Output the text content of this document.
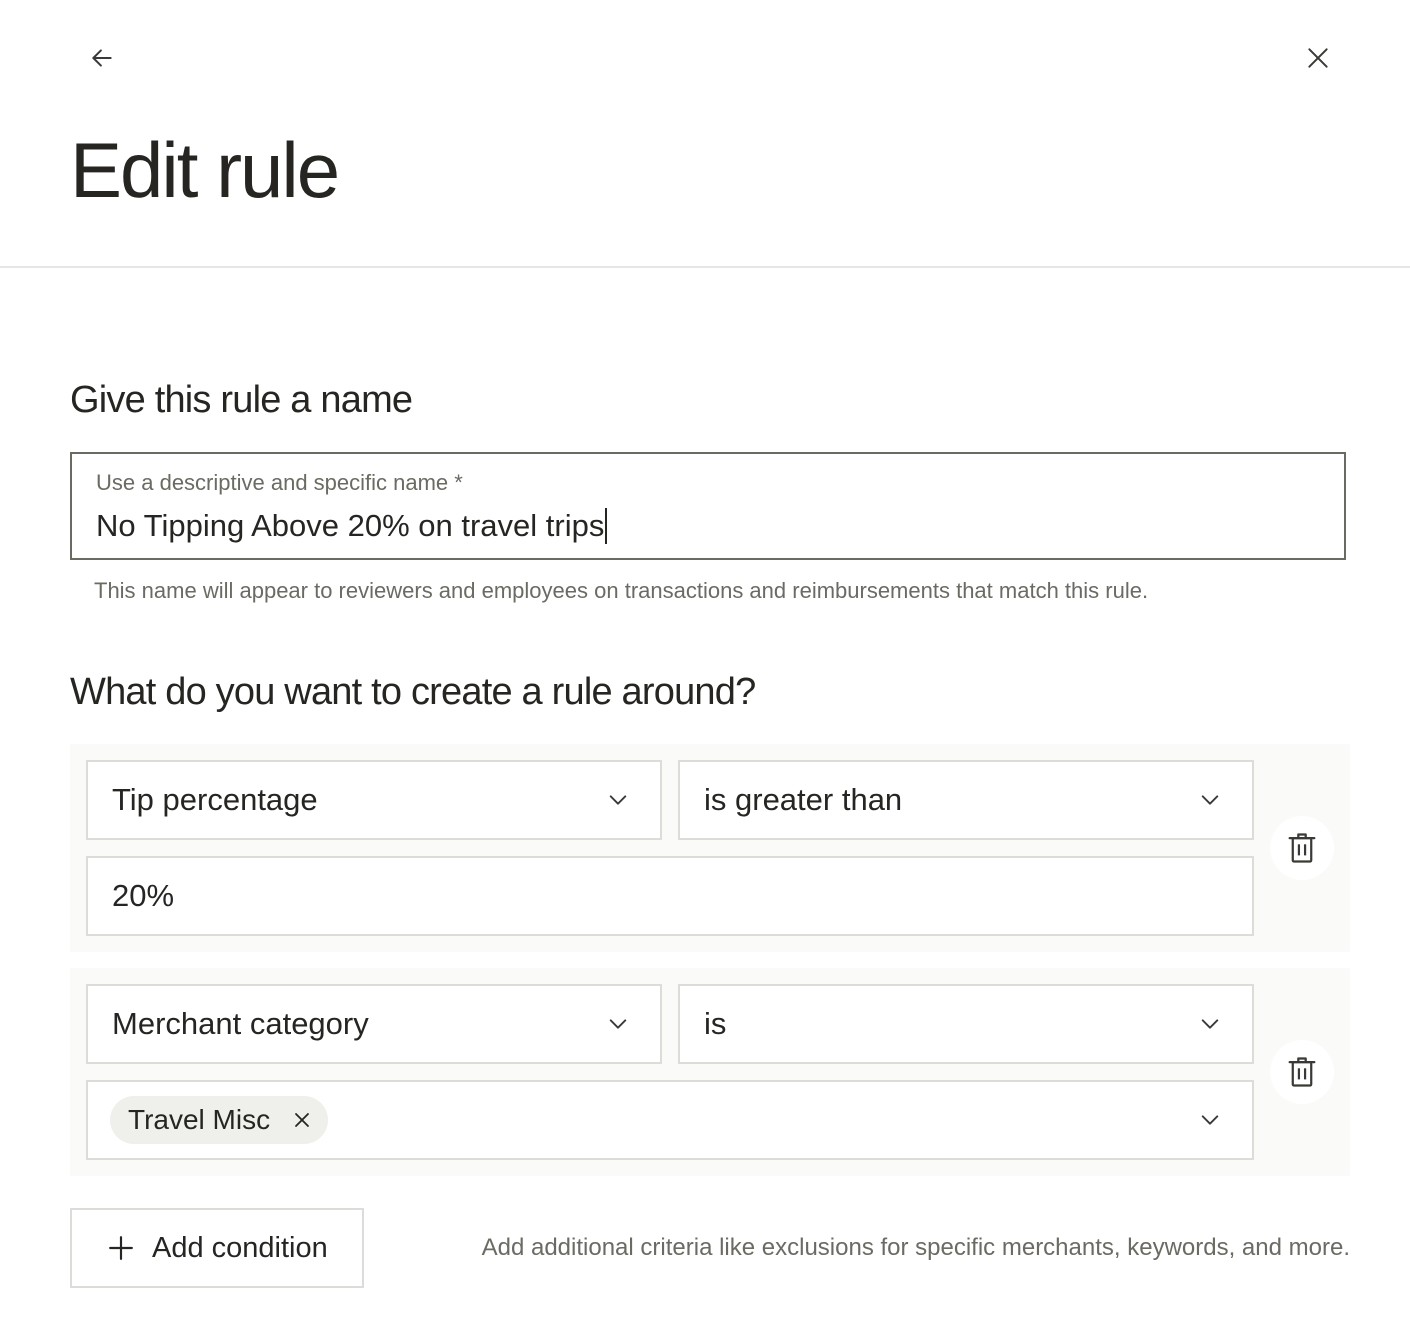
Edit rule
Give this rule a name
Use a descriptive and specific name *
No Tipping Above 20% on travel trips
This name will appear to reviewers and employees on transactions and reimbursements that match this rule.
What do you want to create a rule around?
Tip percentage	is greater than
20%
Merchant category	is
Travel Misc
Add condition	Add additional criteria like exclusions for specific merchants, keywords, and more.
